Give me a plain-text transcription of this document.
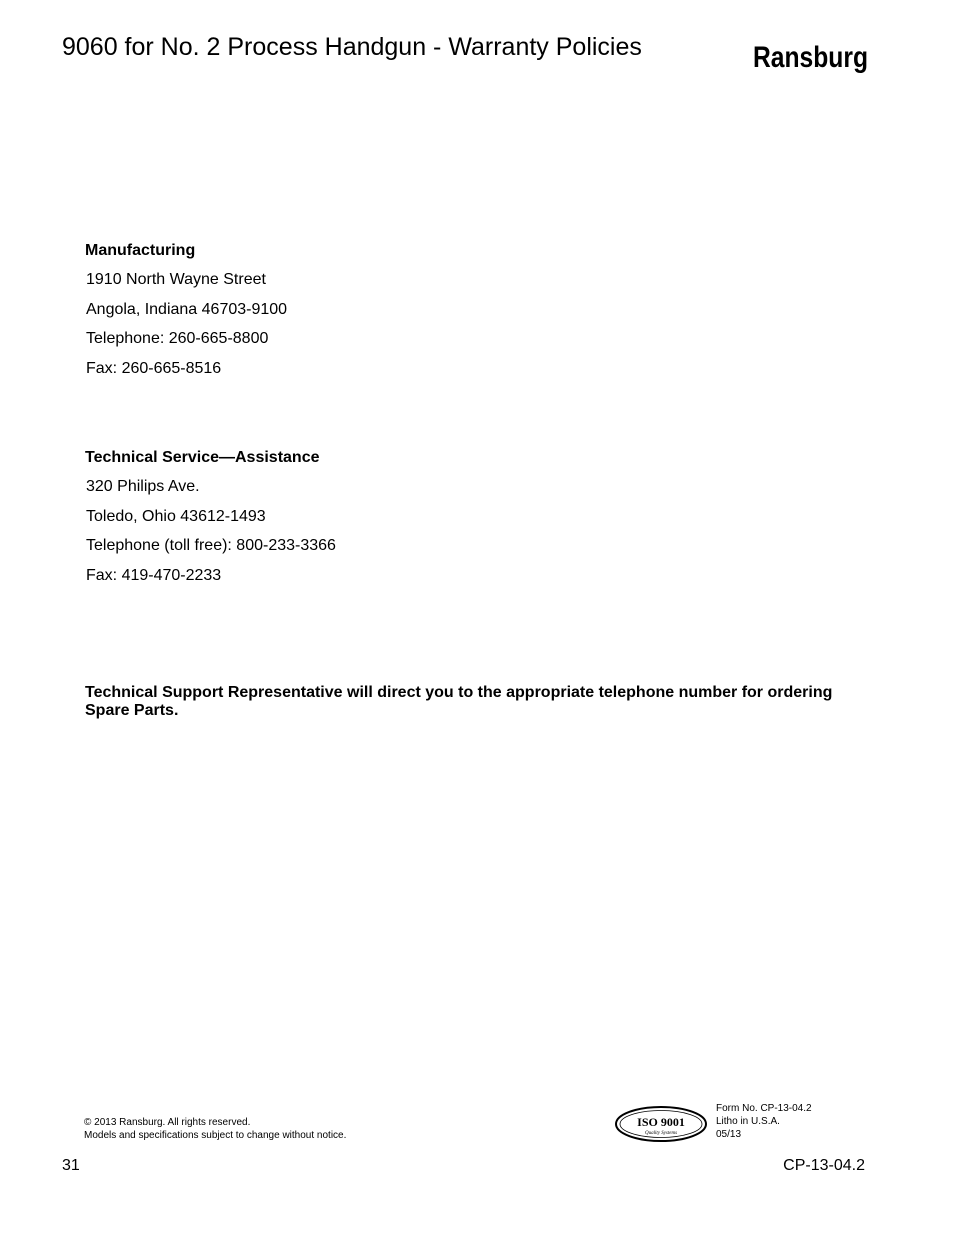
9060 for No. 2 Process Handgun - Warranty Policies	Ransburg
Manufacturing
1910 North Wayne Street
Angola, Indiana 46703-9100
Telephone: 260-665-8800
Fax: 260-665-8516
Technical Service—Assistance
320 Philips Ave.
Toledo, Ohio 43612-1493
Telephone (toll free): 800-233-3366
Fax: 419-470-2233
Technical Support Representative will direct you to the appropriate telephone number for ordering Spare Parts.
© 2013 Ransburg. All rights reserved.
Models and specifications subject to change without notice.
ISO 9001
Quality Systems
Form No. CP-13-04.2
Litho in U.S.A.
05/13
31	CP-13-04.2
